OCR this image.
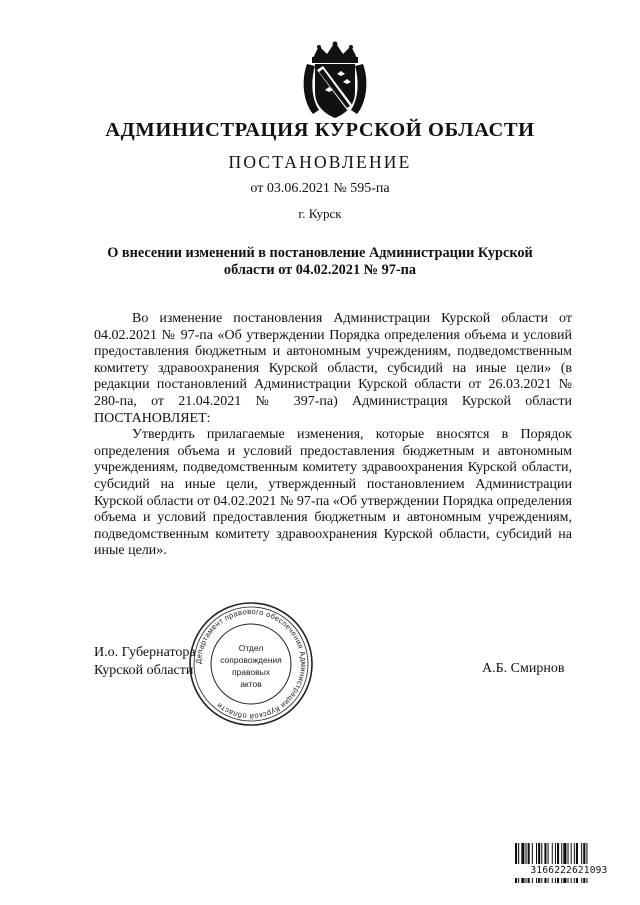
АДМИНИСТРАЦИЯ КУРСКОЙ ОБЛАСТИ
ПОСТАНОВЛЕНИЕ
от 03.06.2021 № 595-па
г. Курск
О внесении изменений в постановление Администрации Курской
области от 04.02.2021 № 97-па

Во изменение постановления Администрации Курской области от 04.02.2021 № 97-па «Об утверждении Порядка определения объема и условий предоставления бюджетным и автономным учреждениям, подведомственным комитету здравоохранения Курской области, субсидий на иные цели» (в редакции постановлений Администрации Курской области от 26.03.2021 № 280-па, от 21.04.2021 № 397-па) Администрация Курской области ПОСТАНОВЛЯЕТ:

Утвердить прилагаемые изменения, которые вносятся в Порядок определения объема и условий предоставления бюджетным и автономным учреждениям, подведомственным комитету здравоохранения Курской области, субсидий на иные цели, утвержденный постановлением Администрации Курской области от 04.02.2021 № 97-па «Об утверждении Порядка определения объема и условий предоставления бюджетным и автономным учреждениям, подведомственным комитету здравоохранения Курской области, субсидий на иные цели».

И.о. Губернатора
Курской области
Департамент правового обеспечения Администрации Курской области
Отдел
сопровождения
правовых
актов
А.Б. Смирнов
3166222621093
